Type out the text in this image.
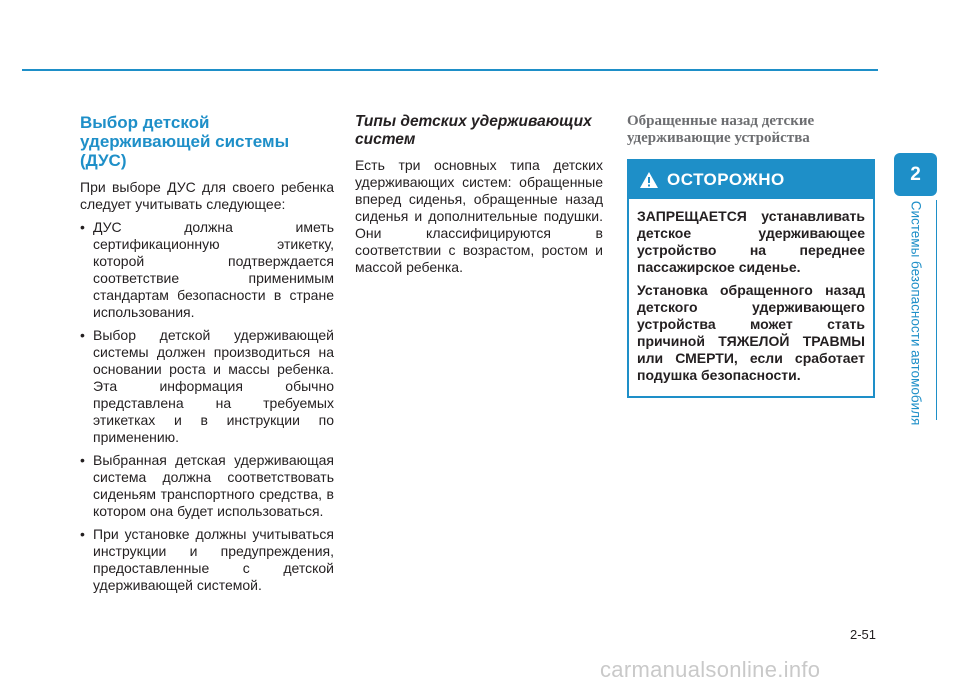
Выбор детской удерживающей системы (ДУС)

При выборе ДУС для своего ребенка следует учитывать следующее:

• ДУС должна иметь сертификационную этикетку, которой подтверждается соответствие применимым стандартам безопасности в стране использования.
• Выбор детской удерживающей системы должен производиться на основании роста и массы ребенка. Эта информация обычно представлена на требуемых этикетках и в инструкции по применению.
• Выбранная детская удерживающая система должна соответствовать сиденьям транспортного средства, в котором она будет использоваться.
• При установке должны учитываться инструкции и предупреждения, предоставленные с детской удерживающей системой.
Типы детских удерживающих систем

Есть три основных типа детских удерживающих систем: обращенные вперед сиденья, обращенные назад сиденья и дополнительные подушки. Они классифицируются в соответствии с возрастом, ростом и массой ребенка.

Обращенные назад детские удерживающие устройства
ОСТОРОЖНО

ЗАПРЕЩАЕТСЯ устанавливать детское удерживающее устройство на переднее пассажирское сиденье.

Установка обращенного назад детского удерживающего устройства может стать причиной ТЯЖЕЛОЙ ТРАВМЫ или СМЕРТИ, если сработает подушка безопасности.

2
Системы безопасности автомобиля
2-51
carmanualsonline.info
